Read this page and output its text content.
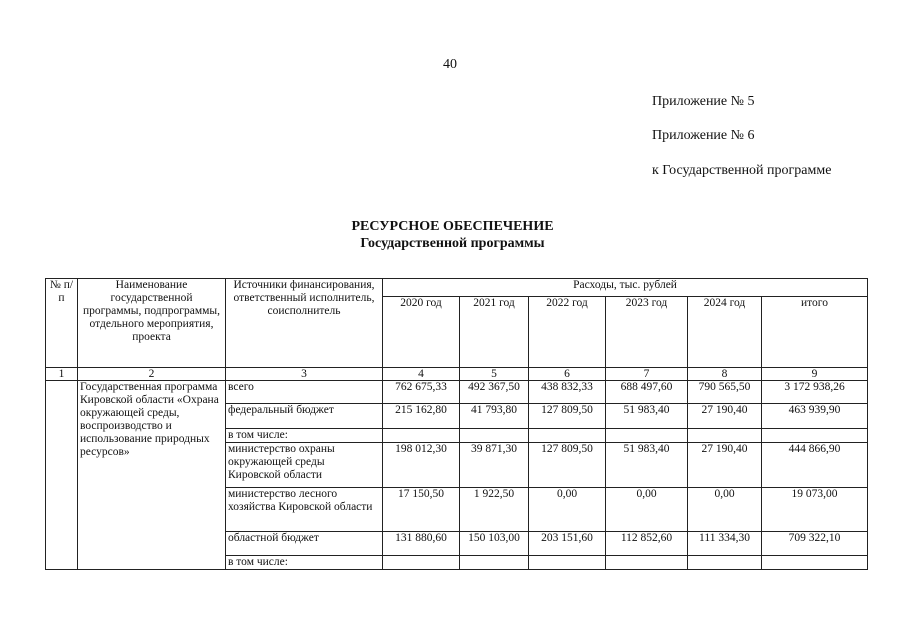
40
Приложение № 5
Приложение № 6
к Государственной программе
РЕСУРСНОЕ ОБЕСПЕЧЕНИЕ
Государственной программы
№ п/п	Наименование государственной программы, подпрограммы, отдельного мероприятия, проекта	Источники финансирования, ответственный исполнитель, соисполнитель	Расходы, тыс. рублей					
			2020 год	2021 год	2022 год	2023 год	2024 год	итого
1	2	3	4	5	6	7	8	9
	Государственная программа Кировской области «Охрана окружающей среды, воспроизводство и использование природных ресурсов»	всего	762 675,33	492 367,50	438 832,33	688 497,60	790 565,50	3 172 938,26
		федеральный бюджет	215 162,80	41 793,80	127 809,50	51 983,40	27 190,40	463 939,90
		в том числе:						
		министерство охраны окружающей среды Кировской области	198 012,30	39 871,30	127 809,50	51 983,40	27 190,40	444 866,90
		министерство лесного хозяйства Кировской области	17 150,50	1 922,50	0,00	0,00	0,00	19 073,00
		областной бюджет	131 880,60	150 103,00	203 151,60	112 852,60	111 334,30	709 322,10
		в том числе:						
